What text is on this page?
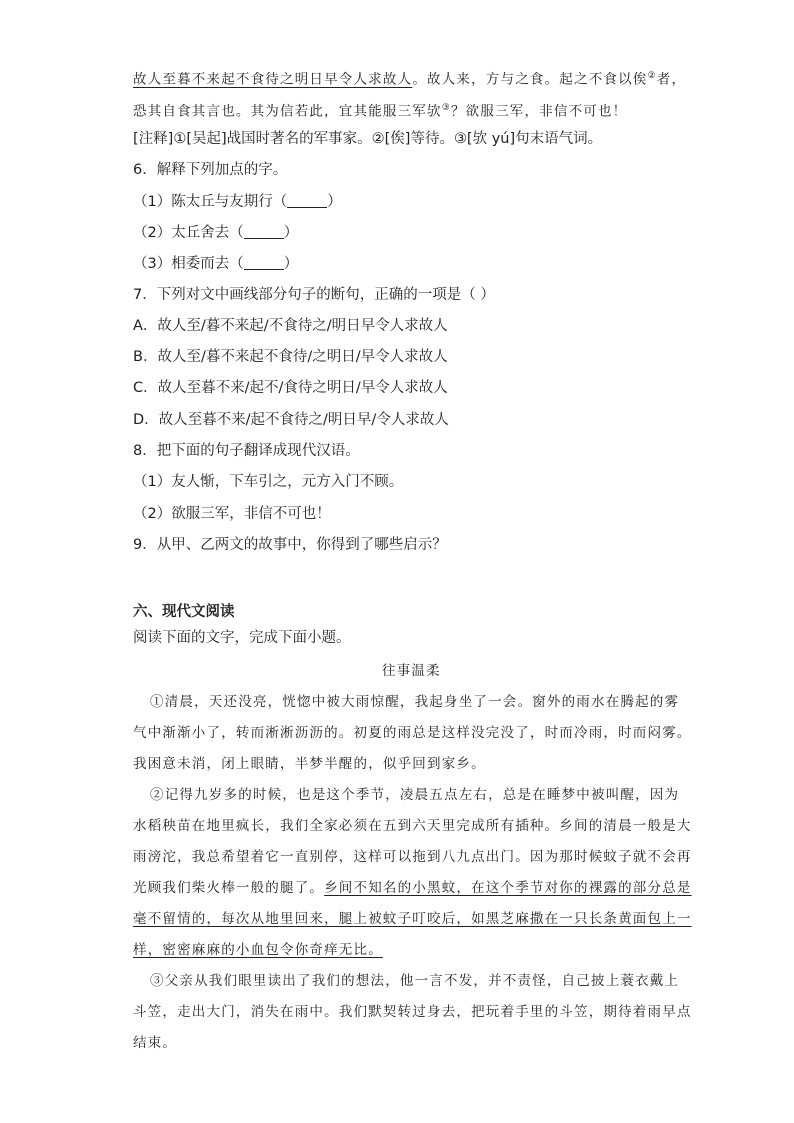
故人至暮不来起不食待之明日早令人求故人。故人来，方与之食。起之不食以俟②者，
恐其自食其言也。其为信若此，宜其能服三军欤③？欲服三军，非信不可也！
[注释]①[吴起]战国时著名的军事家。②[俟]等待。③[欤 yú]句末语气词。
6．解释下列加点的字。
（1）陈太丘与友期行（	）
（2）太丘舍去（	）
（3）相委而去（	）
7．下列对文中画线部分句子的断句，正确的一项是（ ）
A．故人至/暮不来起/不食待之/明日早令人求故人
B．故人至/暮不来起不食待/之明日/早令人求故人
C．故人至暮不来/起不/食待之明日/早令人求故人
D．故人至暮不来/起不食待之/明日早/令人求故人
8．把下面的句子翻译成现代汉语。
（1）友人惭，下车引之，元方入门不顾。
（2）欲服三军，非信不可也！
9．从甲、乙两文的故事中，你得到了哪些启示？
六、现代文阅读
阅读下面的文字，完成下面小题。
往事温柔
①清晨，天还没亮，恍惚中被大雨惊醒，我起身坐了一会。窗外的雨水在腾起的雾
气中渐渐小了，转而淅淅沥沥的。初夏的雨总是这样没完没了，时而冷雨，时而闷雾。
我困意未消，闭上眼睛，半梦半醒的，似乎回到家乡。
②记得九岁多的时候，也是这个季节，凌晨五点左右，总是在睡梦中被叫醒，因为
水稻秧苗在地里疯长，我们全家必须在五到六天里完成所有插种。乡间的清晨一般是大
雨滂沱，我总希望着它一直别停，这样可以拖到八九点出门。因为那时候蚊子就不会再
光顾我们柴火棒一般的腿了。乡间不知名的小黑蚊，在这个季节对你的裸露的部分总是
毫不留情的，每次从地里回来，腿上被蚊子叮咬后，如黑芝麻撒在一只长条黄面包上一
样，密密麻麻的小血包令你奇痒无比。
③父亲从我们眼里读出了我们的想法，他一言不发，并不责怪，自己披上蓑衣戴上
斗笠，走出大门，消失在雨中。我们默契转过身去，把玩着手里的斗笠，期待着雨早点
结束。
